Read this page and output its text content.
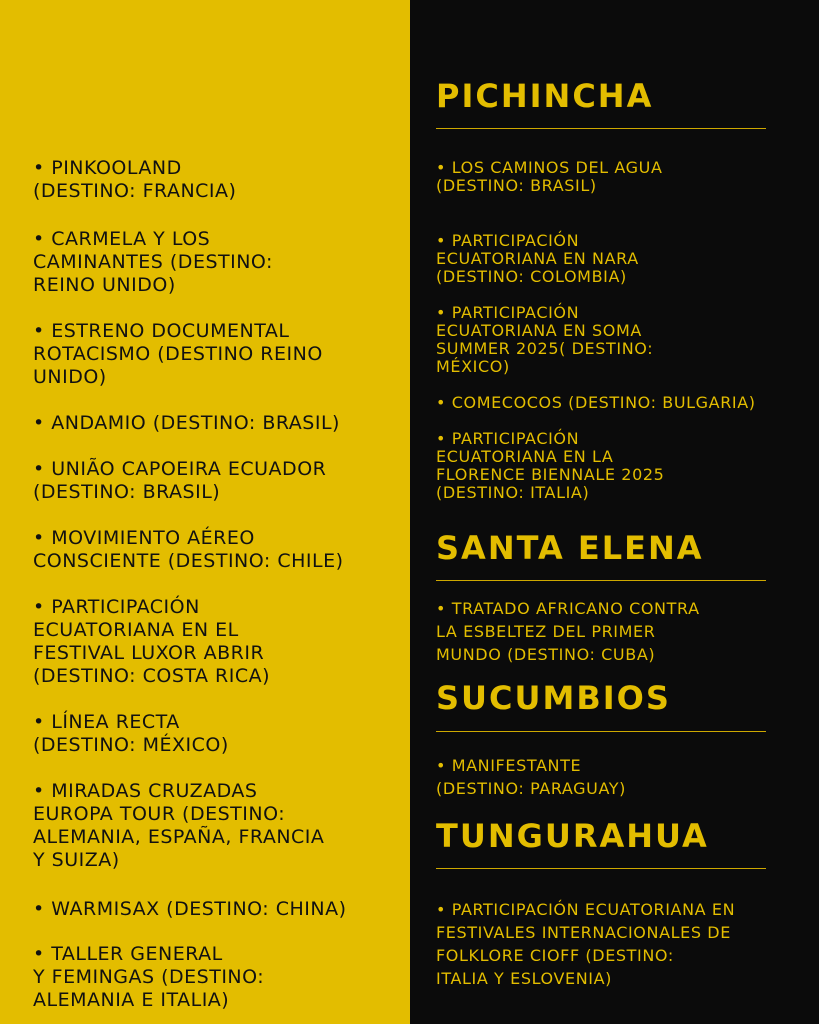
• PINKOOLAND
(DESTINO: FRANCIA)

• CARMELA Y LOS
CAMINANTES (DESTINO:
REINO UNIDO)

• ESTRENO DOCUMENTAL
ROTACISMO (DESTINO REINO
UNIDO)

• ANDAMIO (DESTINO: BRASIL)

• UNIÃO CAPOEIRA ECUADOR
(DESTINO: BRASIL)

• MOVIMIENTO AÉREO
CONSCIENTE (DESTINO: CHILE)

• PARTICIPACIÓN
ECUATORIANA EN EL
FESTIVAL LUXOR ABRIR
(DESTINO: COSTA RICA)

• LÍNEA RECTA
(DESTINO: MÉXICO)

• MIRADAS CRUZADAS
EUROPA TOUR (DESTINO:
ALEMANIA, ESPAÑA, FRANCIA
Y SUIZA)

• WARMISAX (DESTINO: CHINA)

• TALLER GENERAL
Y FEMINGAS (DESTINO:
ALEMANIA E ITALIA)

PICHINCHA
SANTA ELENA
SUCUMBIOS
TUNGURAHUA

• LOS CAMINOS DEL AGUA
(DESTINO: BRASIL)

• PARTICIPACIÓN
ECUATORIANA EN NARA
(DESTINO: COLOMBIA)

• PARTICIPACIÓN
ECUATORIANA EN SOMA
SUMMER 2025( DESTINO:
MÉXICO)

• COMECOCOS (DESTINO: BULGARIA)

• PARTICIPACIÓN
ECUATORIANA EN LA
FLORENCE BIENNALE 2025
(DESTINO: ITALIA)

• TRATADO AFRICANO CONTRA
LA ESBELTEZ DEL PRIMER
MUNDO (DESTINO: CUBA)

• MANIFESTANTE
(DESTINO: PARAGUAY)

• PARTICIPACIÓN ECUATORIANA EN
FESTIVALES INTERNACIONALES DE
FOLKLORE CIOFF (DESTINO:
ITALIA Y ESLOVENIA)
